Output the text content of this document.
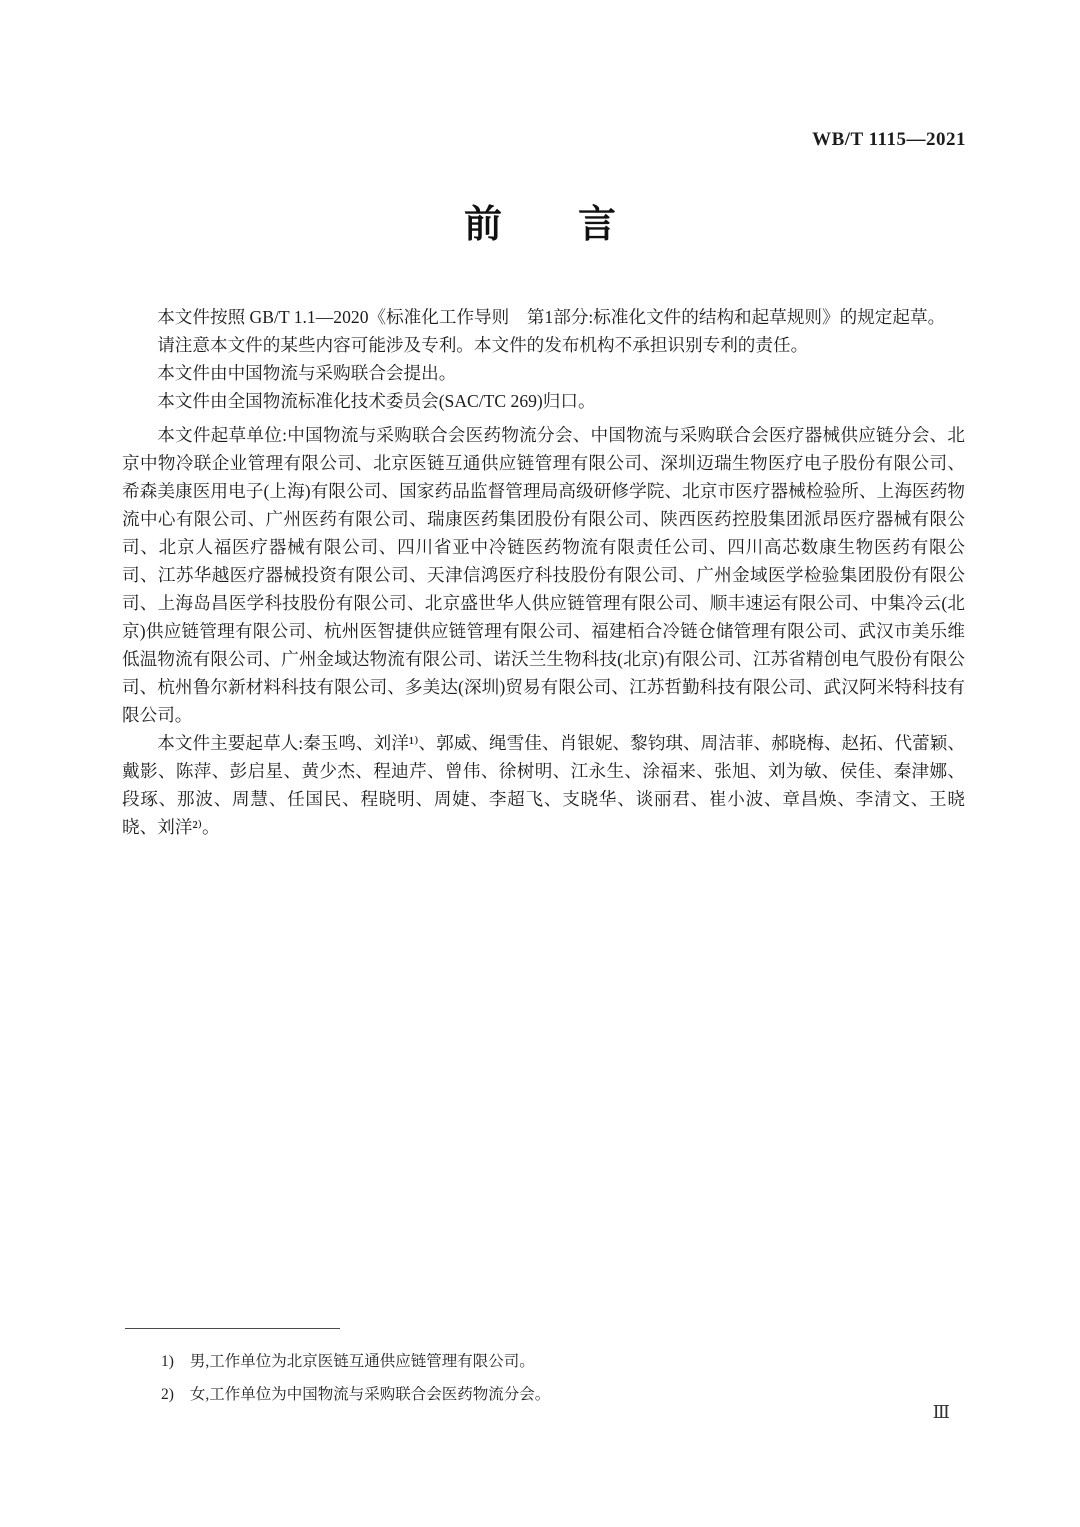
WB/T 1115—2021
前　　言

本文件按照 GB/T 1.1—2020《标准化工作导则　第1部分:标准化文件的结构和起草规则》的规定起草。

请注意本文件的某些内容可能涉及专利。本文件的发布机构不承担识别专利的责任。

本文件由中国物流与采购联合会提出。

本文件由全国物流标准化技术委员会(SAC/TC 269)归口。

本文件起草单位:中国物流与采购联合会医药物流分会、中国物流与采购联合会医疗器械供应链分会、北京中物冷联企业管理有限公司、北京医链互通供应链管理有限公司、深圳迈瑞生物医疗电子股份有限公司、希森美康医用电子(上海)有限公司、国家药品监督管理局高级研修学院、北京市医疗器械检验所、上海医药物流中心有限公司、广州医药有限公司、瑞康医药集团股份有限公司、陕西医药控股集团派昂医疗器械有限公司、北京人福医疗器械有限公司、四川省亚中冷链医药物流有限责任公司、四川高芯数康生物医药有限公司、江苏华越医疗器械投资有限公司、天津信鸿医疗科技股份有限公司、广州金域医学检验集团股份有限公司、上海岛昌医学科技股份有限公司、北京盛世华人供应链管理有限公司、顺丰速运有限公司、中集冷云(北京)供应链管理有限公司、杭州医智捷供应链管理有限公司、福建栢合冷链仓储管理有限公司、武汉市美乐维低温物流有限公司、广州金域达物流有限公司、诺沃兰生物科技(北京)有限公司、江苏省精创电气股份有限公司、杭州鲁尔新材料科技有限公司、多美达(深圳)贸易有限公司、江苏哲勤科技有限公司、武汉阿米特科技有限公司。

本文件主要起草人:秦玉鸣、刘洋¹⁾、郭威、绳雪佳、肖银妮、黎钧琪、周洁菲、郝晓梅、赵拓、代蕾颖、戴影、陈萍、彭启星、黄少杰、程迪芹、曾伟、徐树明、江永生、涂福来、张旭、刘为敏、侯佳、秦津娜、段琢、那波、周慧、任国民、程晓明、周婕、李超飞、支晓华、谈丽君、崔小波、章昌焕、李清文、王晓晓、刘洋²⁾。

1) 男,工作单位为北京医链互通供应链管理有限公司。
2) 女,工作单位为中国物流与采购联合会医药物流分会。
Ⅲ
